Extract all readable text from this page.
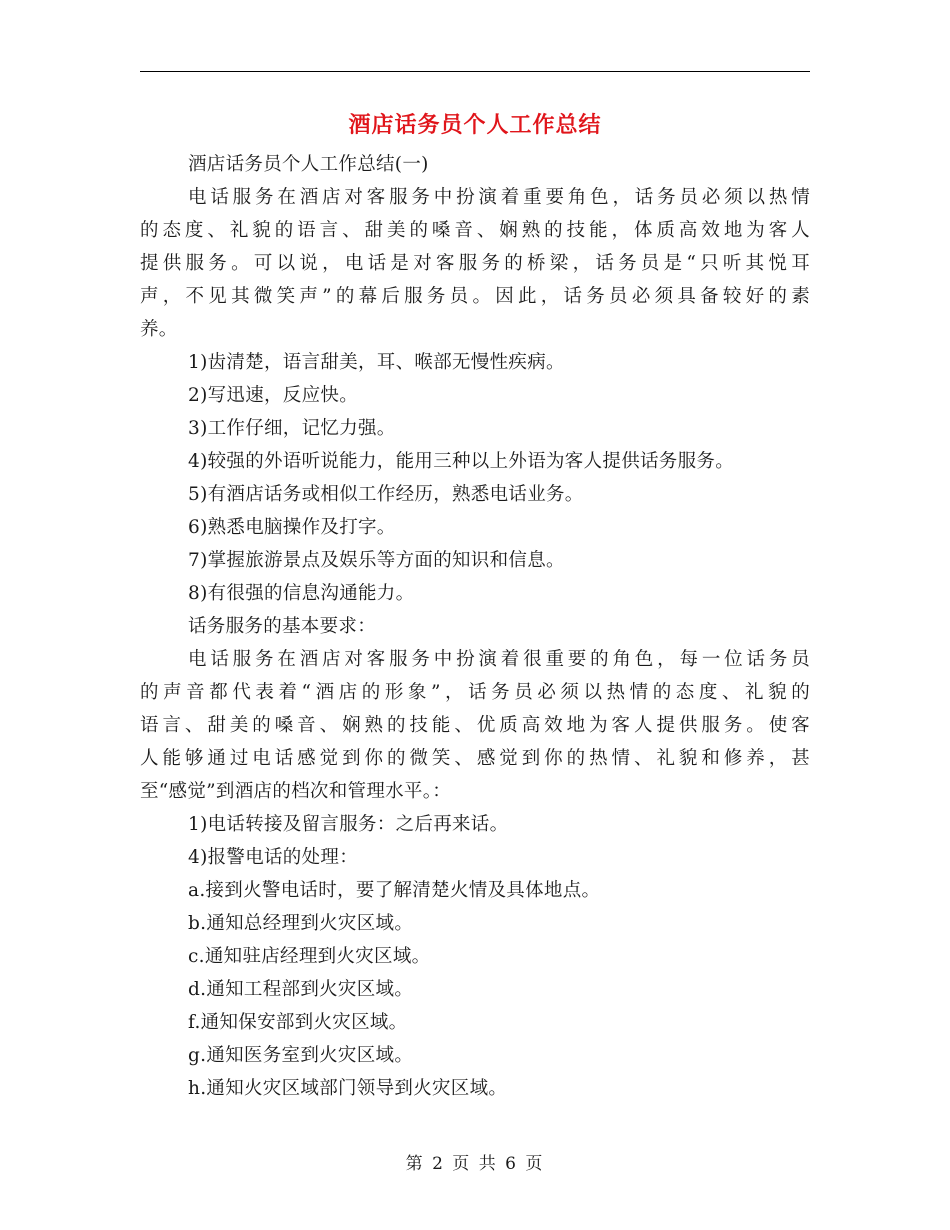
酒店话务员个人工作总结
酒店话务员个人工作总结(一)
电话服务在酒店对客服务中扮演着重要角色，话务员必须以热情
的态度、礼貌的语言、甜美的嗓音、娴熟的技能，体质高效地为客人
提供服务。可以说，电话是对客服务的桥梁，话务员是“只听其悦耳
声，不见其微笑声”的幕后服务员。因此，话务员必须具备较好的素
养。
1)齿清楚，语言甜美，耳、喉部无慢性疾病。
2)写迅速，反应快。
3)工作仔细，记忆力强。
4)较强的外语听说能力，能用三种以上外语为客人提供话务服务。
5)有酒店话务或相似工作经历，熟悉电话业务。
6)熟悉电脑操作及打字。
7)掌握旅游景点及娱乐等方面的知识和信息。
8)有很强的信息沟通能力。
话务服务的基本要求：
电话服务在酒店对客服务中扮演着很重要的角色，每一位话务员
的声音都代表着“酒店的形象”，话务员必须以热情的态度、礼貌的
语言、甜美的嗓音、娴熟的技能、优质高效地为客人提供服务。使客
人能够通过电话感觉到你的微笑、感觉到你的热情、礼貌和修养，甚
至“感觉”到酒店的档次和管理水平。：
1)电话转接及留言服务：之后再来话。
4)报警电话的处理：
a.接到火警电话时，要了解清楚火情及具体地点。
b.通知总经理到火灾区域。
c.通知驻店经理到火灾区域。
d.通知工程部到火灾区域。
f.通知保安部到火灾区域。
g.通知医务室到火灾区域。
h.通知火灾区域部门领导到火灾区域。
第 2 页 共 6 页
